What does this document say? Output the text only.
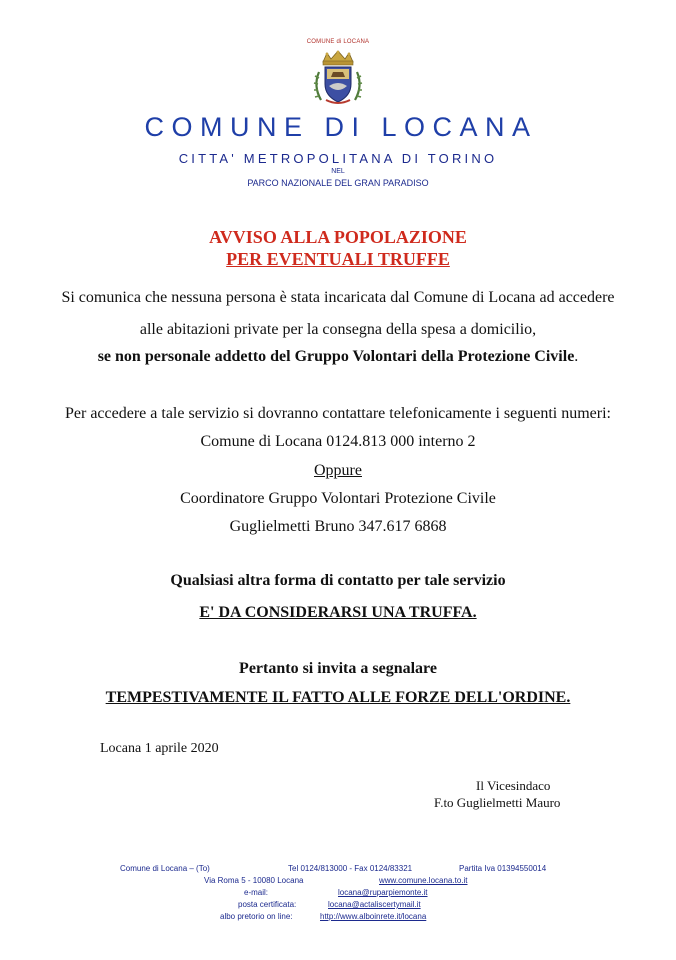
COMUNE di LOCANA
COMUNE DI LOCANA
CITTA' METROPOLITANA DI TORINO
NEL
PARCO NAZIONALE DEL GRAN PARADISO
AVVISO ALLA POPOLAZIONE
PER EVENTUALI TRUFFE
Si comunica che nessuna persona è stata incaricata dal Comune di Locana ad accedere
alle abitazioni private per la consegna della spesa a domicilio,
se non personale addetto del Gruppo Volontari della Protezione Civile.
Per accedere a tale servizio si dovranno contattare telefonicamente i seguenti numeri:
Comune di Locana 0124.813 000 interno 2
Oppure
Coordinatore Gruppo Volontari Protezione Civile
Guglielmetti Bruno 347.617 6868
Qualsiasi altra forma di contatto per tale servizio
E' DA CONSIDERARSI UNA TRUFFA.
Pertanto si invita a segnalare
TEMPESTIVAMENTE IL FATTO ALLE FORZE DELL'ORDINE.
Locana 1 aprile 2020
Il Vicesindaco
F.to Guglielmetti Mauro
Comune di Locana – (To)	Tel 0124/813000 - Fax 0124/83321	Partita Iva 01394550014
Via Roma 5 - 10080 Locana	www.comune.locana.to.it
e-mail:	locana@ruparpiemonte.it
posta certificata:	locana@actaliscertymail.it
albo pretorio on line:	http://www.alboinrete.it/locana
